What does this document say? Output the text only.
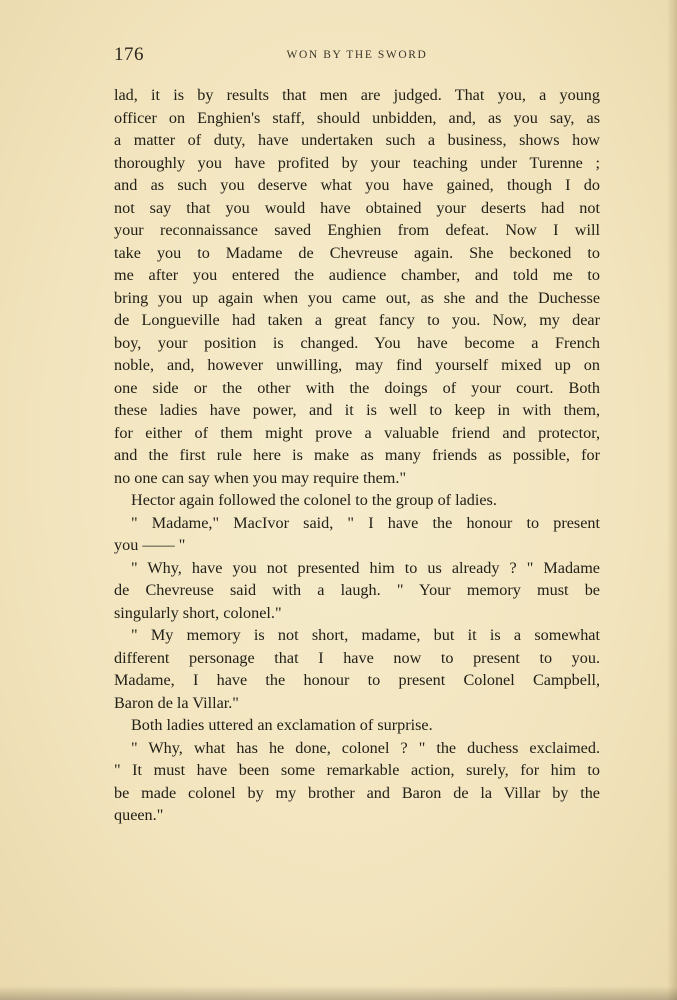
176	WON BY THE SWORD
lad, it is by results that men are judged. That you, a young
officer on Enghien's staff, should unbidden, and, as you say, as
a matter of duty, have undertaken such a business, shows how
thoroughly you have profited by your teaching under Turenne ;
and as such you deserve what you have gained, though I do
not say that you would have obtained your deserts had not
your reconnaissance saved Enghien from defeat. Now I will
take you to Madame de Chevreuse again. She beckoned to
me after you entered the audience chamber, and told me to
bring you up again when you came out, as she and the Duchesse
de Longueville had taken a great fancy to you. Now, my dear
boy, your position is changed. You have become a French
noble, and, however unwilling, may find yourself mixed up on
one side or the other with the doings of your court. Both
these ladies have power, and it is well to keep in with them,
for either of them might prove a valuable friend and protector,
and the first rule here is make as many friends as possible, for
no one can say when you may require them."
Hector again followed the colonel to the group of ladies.
" Madame," MacIvor said, " I have the honour to present
you —— "
" Why, have you not presented him to us already ? " Madame
de Chevreuse said with a laugh. " Your memory must be
singularly short, colonel."
" My memory is not short, madame, but it is a somewhat
different personage that I have now to present to you.
Madame, I have the honour to present Colonel Campbell,
Baron de la Villar."
Both ladies uttered an exclamation of surprise.
" Why, what has he done, colonel ? " the duchess exclaimed.
" It must have been some remarkable action, surely, for him to
be made colonel by my brother and Baron de la Villar by the
queen."
